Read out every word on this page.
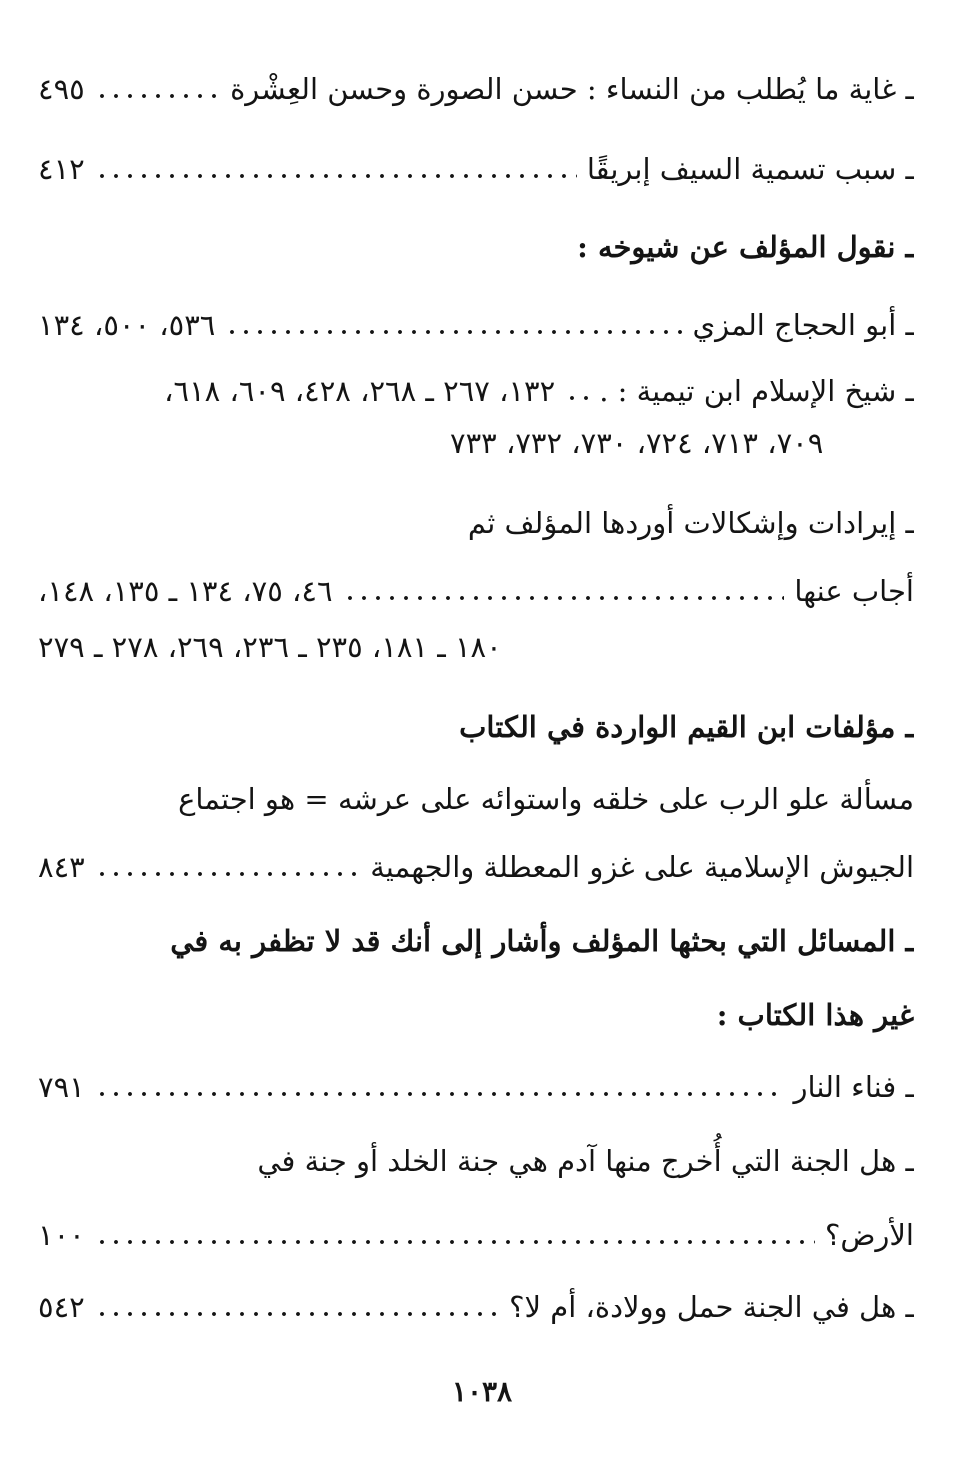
ـ غاية ما يُطلب من النساء : حسن الصورة وحسن العِشْرة
٤٩٥
ـ سبب تسمية السيف إبريقًا
٤١٢
ـ نقول المؤلف عن شيوخه :
ـ أبو الحجاج المزي
٥٣٦، ٥٠٠، ١٣٤
ـ شيخ الإسلام ابن تيمية : .
١٣٢، ٢٦٧ ـ ٢٦٨، ٤٢٨، ٦٠٩، ٦١٨،
٧٠٩، ٧١٣، ٧٢٤، ٧٣٠، ٧٣٢، ٧٣٣
ـ إيرادات وإشكالات أوردها المؤلف ثم
أجاب عنها
٤٦، ٧٥، ١٣٤ ـ ١٣٥، ١٤٨،
١٨٠ ـ ١٨١، ٢٣٥ ـ ٢٣٦، ٢٦٩، ٢٧٨ ـ ٢٧٩
ـ مؤلفات ابن القيم الواردة في الكتاب
مسألة علو الرب على خلقه واستوائه على عرشه = هو اجتماع
الجيوش الإسلامية على غزو المعطلة والجهمية
٨٤٣
ـ المسائل التي بحثها المؤلف وأشار إلى أنك قد لا تظفر به في
غير هذا الكتاب :
ـ فناء النار
٧٩١
ـ هل الجنة التي أُخرج منها آدم هي جنة الخلد أو جنة في
الأرض؟
١٠٠
ـ هل في الجنة حمل وولادة، أم لا؟
٥٤٢
١٠٣٨
